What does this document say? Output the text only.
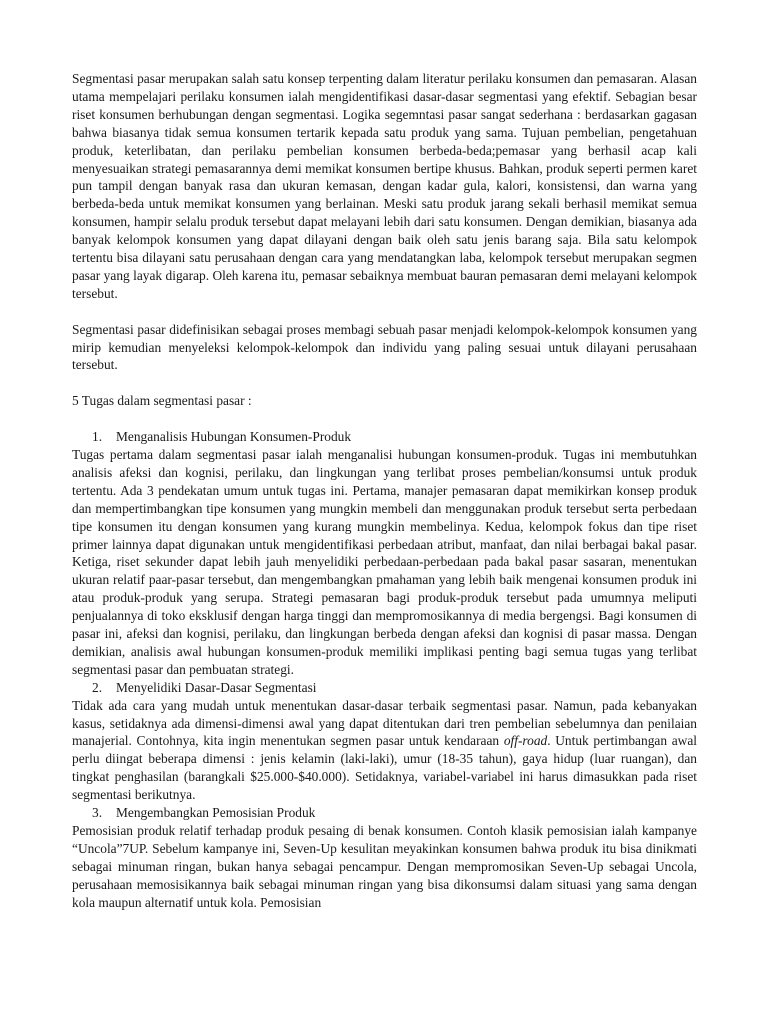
Segmentasi pasar merupakan salah satu konsep terpenting dalam literatur perilaku konsumen dan pemasaran. Alasan utama mempelajari perilaku konsumen ialah mengidentifikasi dasar-dasar segmentasi yang efektif. Sebagian besar riset konsumen berhubungan dengan segmentasi. Logika segemntasi pasar sangat sederhana : berdasarkan gagasan bahwa biasanya tidak semua konsumen tertarik kepada satu produk yang sama. Tujuan pembelian, pengetahuan produk, keterlibatan, dan perilaku pembelian konsumen berbeda-beda;pemasar yang berhasil acap kali menyesuaikan strategi pemasarannya demi memikat konsumen bertipe khusus. Bahkan, produk seperti permen karet pun tampil dengan banyak rasa dan ukuran kemasan, dengan kadar gula, kalori, konsistensi, dan warna yang berbeda-beda untuk memikat konsumen yang berlainan. Meski satu produk jarang sekali berhasil memikat semua konsumen, hampir selalu produk tersebut dapat melayani lebih dari satu konsumen. Dengan demikian, biasanya ada banyak kelompok konsumen yang dapat dilayani dengan baik oleh satu jenis barang saja. Bila satu kelompok tertentu bisa dilayani satu perusahaan dengan cara yang mendatangkan laba, kelompok tersebut merupakan segmen pasar yang layak digarap. Oleh karena itu, pemasar sebaiknya membuat bauran pemasaran demi melayani kelompok tersebut.

Segmentasi pasar didefinisikan sebagai proses membagi sebuah pasar menjadi kelompok-kelompok konsumen yang mirip kemudian menyeleksi kelompok-kelompok dan individu yang paling sesuai untuk dilayani perusahaan tersebut.

5 Tugas dalam segmentasi pasar :

1. Menganalisis Hubungan Konsumen-Produk

Tugas pertama dalam segmentasi pasar ialah menganalisi hubungan konsumen-produk. Tugas ini membutuhkan analisis afeksi dan kognisi, perilaku, dan lingkungan yang terlibat proses pembelian/konsumsi untuk produk tertentu. Ada 3 pendekatan umum untuk tugas ini. Pertama, manajer pemasaran dapat memikirkan konsep produk dan mempertimbangkan tipe konsumen yang mungkin membeli dan menggunakan produk tersebut serta perbedaan tipe konsumen itu dengan konsumen yang kurang mungkin membelinya. Kedua, kelompok fokus dan tipe riset primer lainnya dapat digunakan untuk mengidentifikasi perbedaan atribut, manfaat, dan nilai berbagai bakal pasar. Ketiga, riset sekunder dapat lebih jauh menyelidiki perbedaan-perbedaan pada bakal pasar sasaran, menentukan ukuran relatif paar-pasar tersebut, dan mengembangkan pmahaman yang lebih baik mengenai konsumen produk ini atau produk-produk yang serupa. Strategi pemasaran bagi produk-produk tersebut pada umumnya meliputi penjualannya di toko eksklusif dengan harga tinggi dan mempromosikannya di media bergengsi. Bagi konsumen di pasar ini, afeksi dan kognisi, perilaku, dan lingkungan berbeda dengan afeksi dan kognisi di pasar massa. Dengan demikian, analisis awal hubungan konsumen-produk memiliki implikasi penting bagi semua tugas yang terlibat segmentasi pasar dan pembuatan strategi.

2. Menyelidiki Dasar-Dasar Segmentasi

Tidak ada cara yang mudah untuk menentukan dasar-dasar terbaik segmentasi pasar. Namun, pada kebanyakan kasus, setidaknya ada dimensi-dimensi awal yang dapat ditentukan dari tren pembelian sebelumnya dan penilaian manajerial. Contohnya, kita ingin menentukan segmen pasar untuk kendaraan off-road. Untuk pertimbangan awal perlu diingat beberapa dimensi : jenis kelamin (laki-laki), umur (18-35 tahun), gaya hidup (luar ruangan), dan tingkat penghasilan (barangkali $25.000-$40.000). Setidaknya, variabel-variabel ini harus dimasukkan pada riset segmentasi berikutnya.

3. Mengembangkan Pemosisian Produk

Pemosisian produk relatif terhadap produk pesaing di benak konsumen. Contoh klasik pemosisian ialah kampanye “Uncola”7UP. Sebelum kampanye ini, Seven-Up kesulitan meyakinkan konsumen bahwa produk itu bisa dinikmati sebagai minuman ringan, bukan hanya sebagai pencampur. Dengan mempromosikan Seven-Up sebagai Uncola, perusahaan memosisikannya baik sebagai minuman ringan yang bisa dikonsumsi dalam situasi yang sama dengan kola maupun alternatif untuk kola. Pemosisian
